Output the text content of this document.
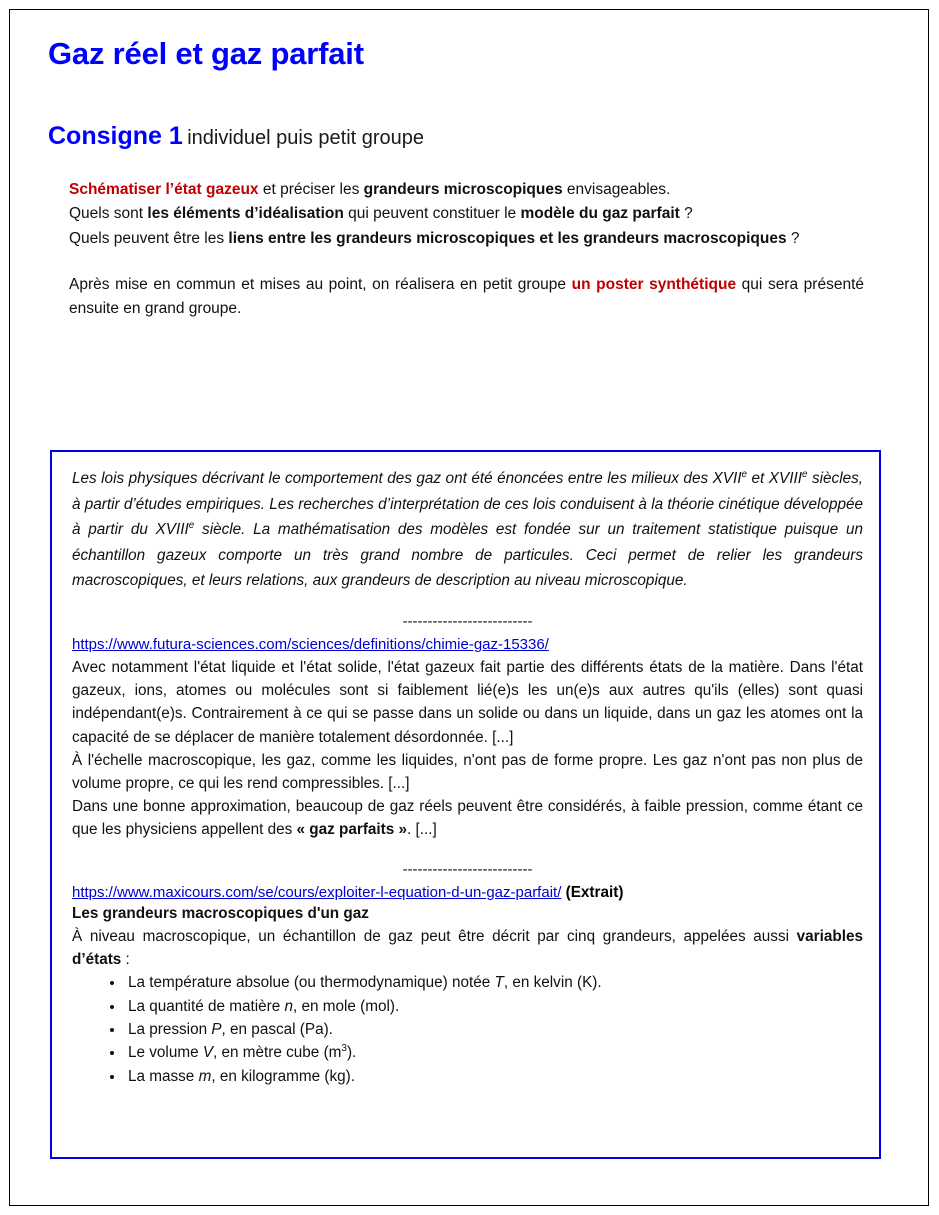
Gaz réel et gaz parfait
Consigne 1 individuel puis petit groupe

Schématiser l’état gazeux et préciser les grandeurs microscopiques envisageables.

Quels sont les éléments d’idéalisation qui peuvent constituer le modèle du gaz parfait ?

Quels peuvent être les liens entre les grandeurs microscopiques et les grandeurs macroscopiques ?

Après mise en commun et mises au point, on réalisera en petit groupe un poster synthétique qui sera présenté ensuite en grand groupe.

Les lois physiques décrivant le comportement des gaz ont été énoncées entre les milieux des XVIIe et XVIIIe siècles, à partir d’études empiriques. Les recherches d’interprétation de ces lois conduisent à la théorie cinétique développée à partir du XVIIIe siècle. La mathématisation des modèles est fondée sur un traitement statistique puisque un échantillon gazeux comporte un très grand nombre de particules. Ceci permet de relier les grandeurs macroscopiques, et leurs relations, aux grandeurs de description au niveau microscopique.

--------------------------
https://www.futura-sciences.com/sciences/definitions/chimie-gaz-15336/

Avec notamment l'état liquide et l'état solide, l'état gazeux fait partie des différents états de la matière. Dans l'état gazeux, ions, atomes ou molécules sont si faiblement lié(e)s les un(e)s aux autres qu'ils (elles) sont quasi indépendant(e)s. Contrairement à ce qui se passe dans un solide ou dans un liquide, dans un gaz les atomes ont la capacité de se déplacer de manière totalement désordonnée. [...]

À l'échelle macroscopique, les gaz, comme les liquides, n'ont pas de forme propre. Les gaz n'ont pas non plus de volume propre, ce qui les rend compressibles. [...]

Dans une bonne approximation, beaucoup de gaz réels peuvent être considérés, à faible pression, comme étant ce que les physiciens appellent des « gaz parfaits ». [...]

--------------------------
https://www.maxicours.com/se/cours/exploiter-l-equation-d-un-gaz-parfait/ (Extrait)

Les grandeurs macroscopiques d'un gaz

À niveau macroscopique, un échantillon de gaz peut être décrit par cinq grandeurs, appelées aussi variables d’états :

La température absolue (ou thermodynamique) notée T, en kelvin (K).
La quantité de matière n, en mole (mol).
La pression P, en pascal (Pa).
Le volume V, en mètre cube $(m^3)$.
La masse m, en kilogramme (kg).
